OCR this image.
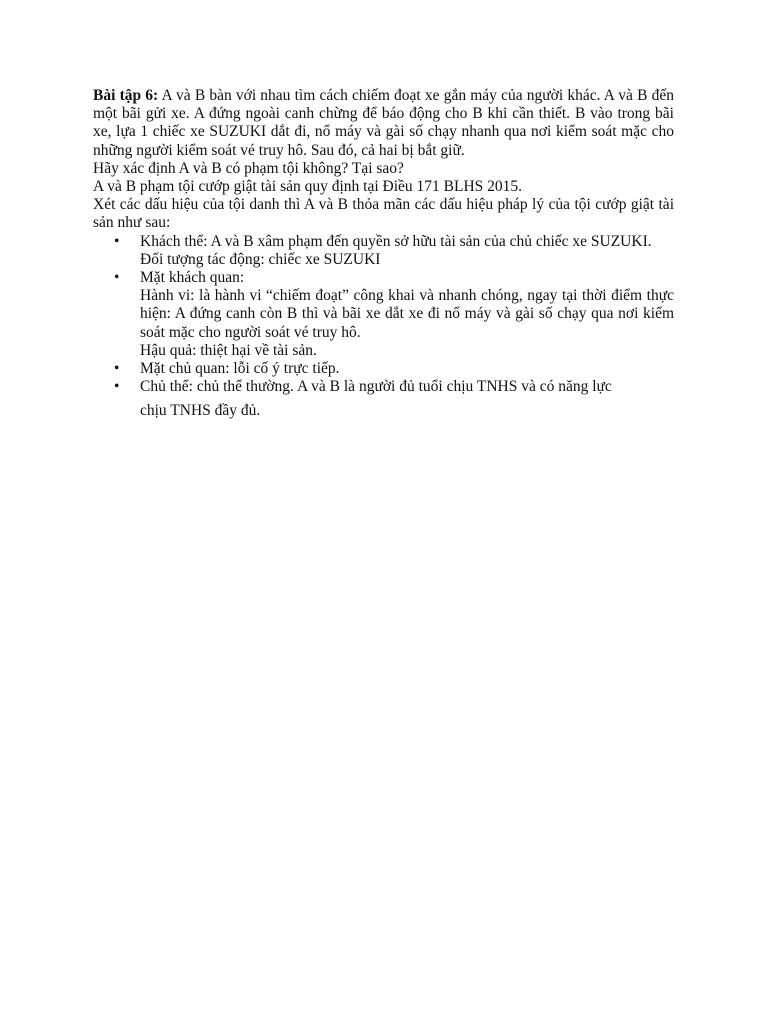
Bài tập 6: A và B bàn với nhau tìm cách chiếm đoạt xe gắn máy của người khác. A và B đến một bãi gửi xe. A đứng ngoài canh chừng để báo động cho B khi cần thiết. B vào trong bãi xe, lựa 1 chiếc xe SUZUKI dắt đi, nổ máy và gài số chạy nhanh qua nơi kiểm soát mặc cho những người kiểm soát vé truy hô. Sau đó, cả hai bị bắt giữ.

Hãy xác định A và B có phạm tội không? Tại sao?

A và B phạm tội cướp giật tài sản quy định tại Điều 171 BLHS 2015.

Xét các dấu hiệu của tội danh thì A và B thỏa mãn các dấu hiệu pháp lý của tội cướp giật tài sản như sau:

• Khách thể: A và B xâm phạm đến quyền sở hữu tài sản của chủ chiếc xe SUZUKI.
Đối tượng tác động: chiếc xe SUZUKI
• Mặt khách quan:
Hành vi: là hành vi “chiếm đoạt” công khai và nhanh chóng, ngay tại thời điểm thực hiện: A đứng canh còn B thì và bãi xe dắt xe đi nổ máy và gài số chạy qua nơi kiểm soát mặc cho người soát vé truy hô.
Hậu quả: thiệt hại về tài sản.
• Mặt chủ quan: lỗi cố ý trực tiếp.
• Chủ thể: chủ thể thường. A và B là người đủ tuổi chịu TNHS và có năng lực
chịu TNHS đầy đủ.
